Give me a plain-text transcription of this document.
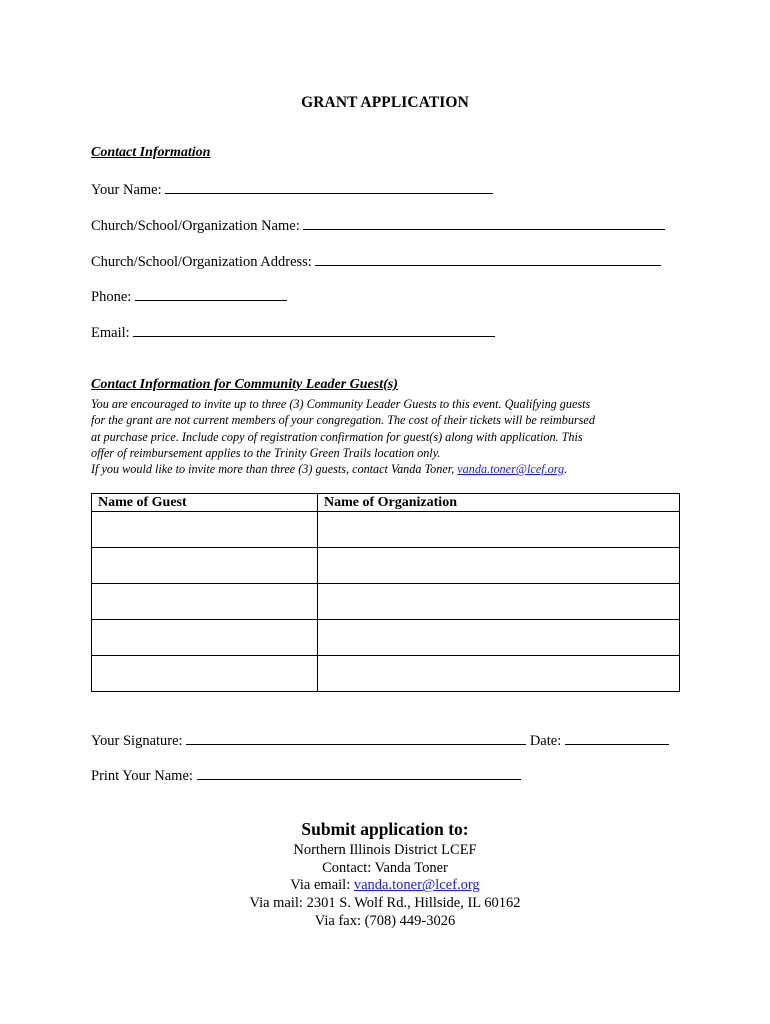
GRANT APPLICATION
Contact Information
Your Name:
Church/School/Organization Name:
Church/School/Organization Address:
Phone:
Email:
Contact Information for Community Leader Guest(s)

You are encouraged to invite up to three (3) Community Leader Guests to this event. Qualifying guests

for the grant are not current members of your congregation. The cost of their tickets will be reimbursed

at purchase price. Include copy of registration confirmation for guest(s) along with application. This

offer of reimbursement applies to the Trinity Green Trails location only.

If you would like to invite more than three (3) guests, contact Vanda Toner, vanda.toner@lcef.org.

Name of Guest	Name of Organization

Your Signature:	Date:
Print Your Name:
Submit application to:
Northern Illinois District LCEF
Contact: Vanda Toner
Via email: vanda.toner@lcef.org
Via mail: 2301 S. Wolf Rd., Hillside, IL 60162
Via fax: (708) 449-3026
